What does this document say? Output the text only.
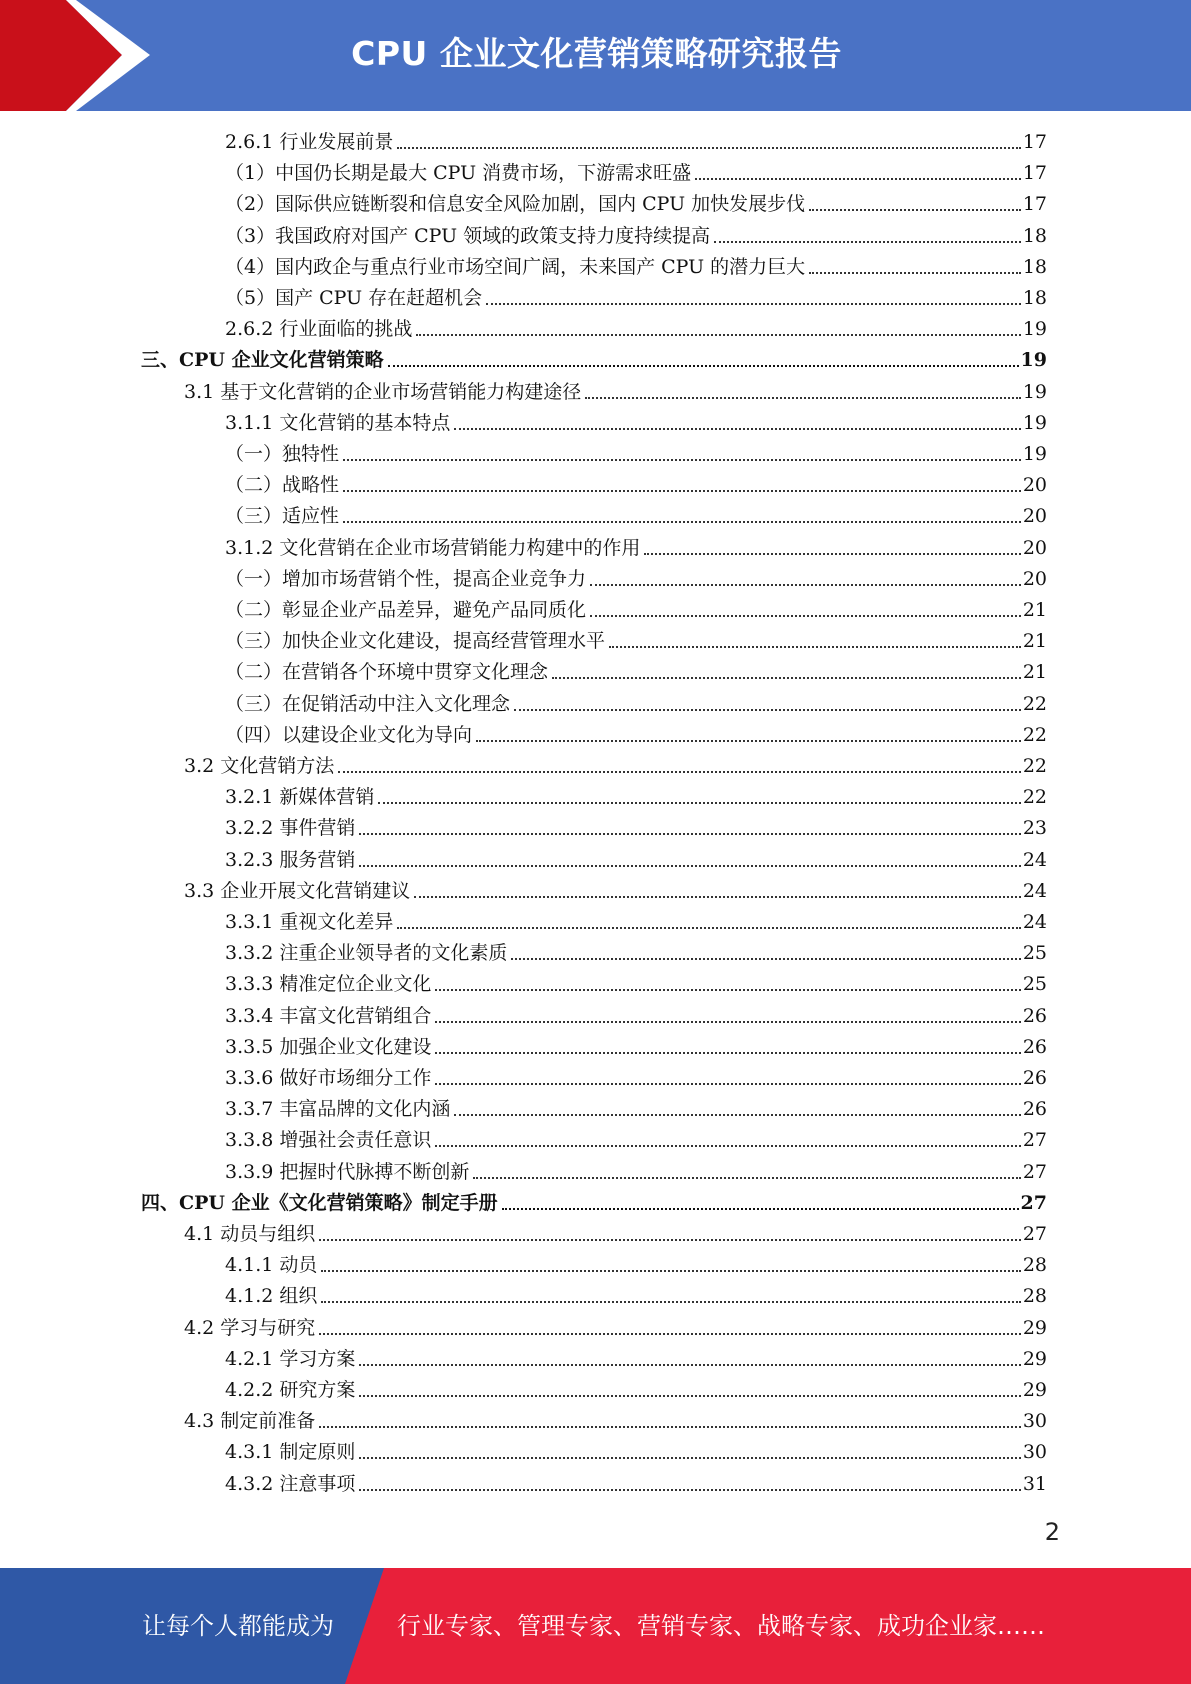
CPU 企业文化营销策略研究报告
2.6.1 行业发展前景	17
（1）中国仍长期是最大 CPU 消费市场，下游需求旺盛	17
（2）国际供应链断裂和信息安全风险加剧，国内 CPU 加快发展步伐	17
（3）我国政府对国产 CPU 领域的政策支持力度持续提高	18
（4）国内政企与重点行业市场空间广阔，未来国产 CPU 的潜力巨大	18
（5）国产 CPU 存在赶超机会	18
2.6.2 行业面临的挑战	19
三、CPU 企业文化营销策略	19
3.1 基于文化营销的企业市场营销能力构建途径	19
3.1.1 文化营销的基本特点	19
（一）独特性	19
（二）战略性	20
（三）适应性	20
3.1.2 文化营销在企业市场营销能力构建中的作用	20
（一）增加市场营销个性，提高企业竞争力	20
（二）彰显企业产品差异，避免产品同质化	21
（三）加快企业文化建设，提高经营管理水平	21
（二）在营销各个环境中贯穿文化理念	21
（三）在促销活动中注入文化理念	22
（四）以建设企业文化为导向	22
3.2 文化营销方法	22
3.2.1 新媒体营销	22
3.2.2 事件营销	23
3.2.3 服务营销	24
3.3 企业开展文化营销建议	24
3.3.1 重视文化差异	24
3.3.2 注重企业领导者的文化素质	25
3.3.3 精准定位企业文化	25
3.3.4 丰富文化营销组合	26
3.3.5 加强企业文化建设	26
3.3.6 做好市场细分工作	26
3.3.7 丰富品牌的文化内涵	26
3.3.8 增强社会责任意识	27
3.3.9 把握时代脉搏不断创新	27
四、CPU 企业《文化营销策略》制定手册	27
4.1 动员与组织	27
4.1.1 动员	28
4.1.2 组织	28
4.2 学习与研究	29
4.2.1 学习方案	29
4.2.2 研究方案	29
4.3 制定前准备	30
4.3.1 制定原则	30
4.3.2 注意事项	31
2
让每个人都能成为	行业专家、管理专家、营销专家、战略专家、成功企业家……
